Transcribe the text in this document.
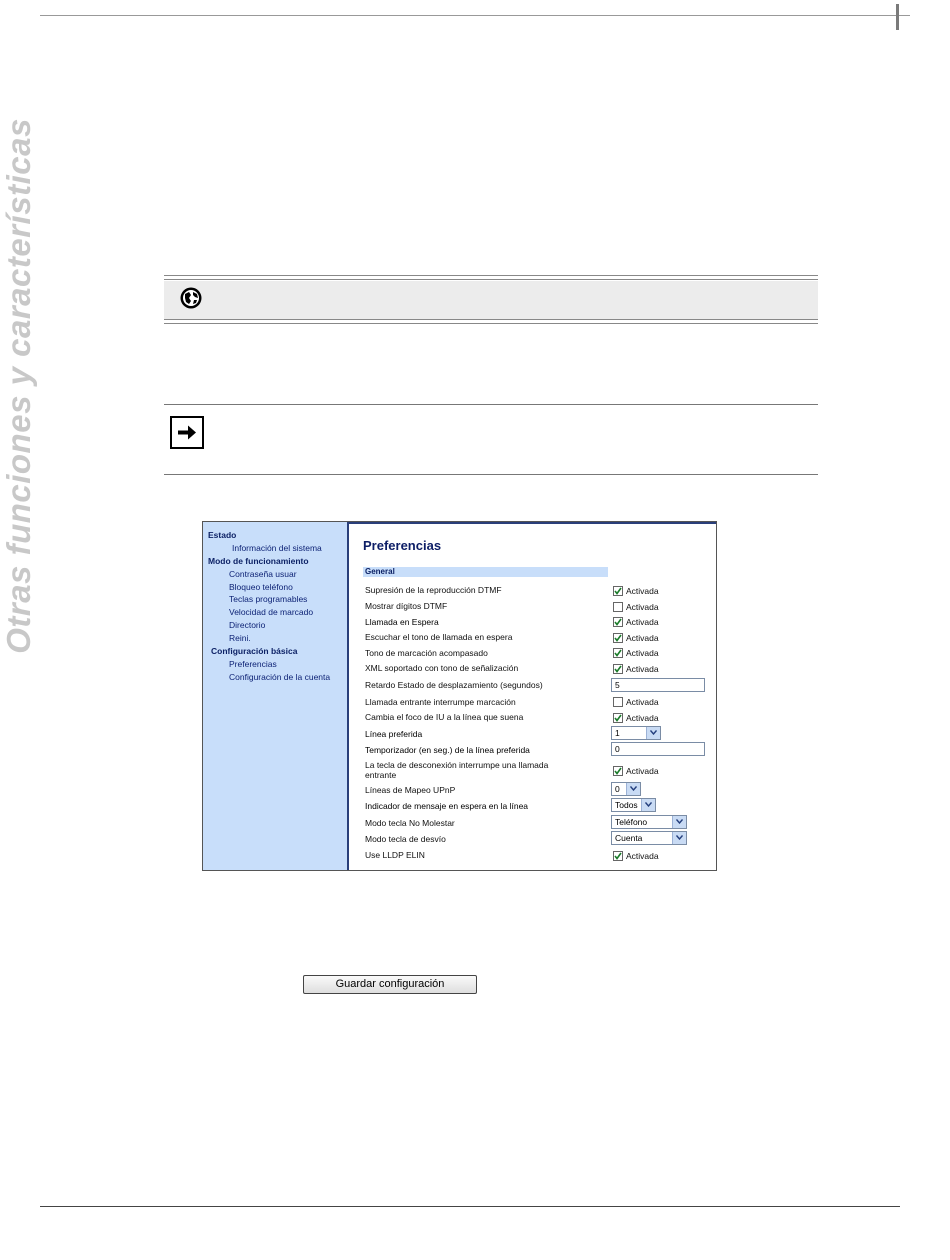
Otras funciones y características	Estado
Información del sistema
Modo de funcionamiento
Contraseña usuar
Bloqueo teléfono
Teclas programables
Velocidad de marcado
Directorio
Reini.
Configuración básica
Preferencias
Configuración de la cuenta
Preferencias
General
Supresión de la reproducción DTMF	Activada
Mostrar dígitos DTMF	Activada
Llamada en Espera	Activada
Escuchar el tono de llamada en espera	Activada
Tono de marcación acompasado	Activada
XML soportado con tono de señalización	Activada
Retardo Estado de desplazamiento (segundos)	5
Llamada entrante interrumpe marcación	Activada
Cambia el foco de IU a la línea que suena	Activada
Línea preferida	1
Temporizador (en seg.) de la línea preferida	0
La tecla de desconexión interrumpe una llamada
entrante	Activada
Líneas de Mapeo UPnP	0
Indicador de mensaje en espera en la línea	Todos
Modo tecla No Molestar	Teléfono
Modo tecla de desvío	Cuenta
Use LLDP ELIN	Activada
Guardar configuración
